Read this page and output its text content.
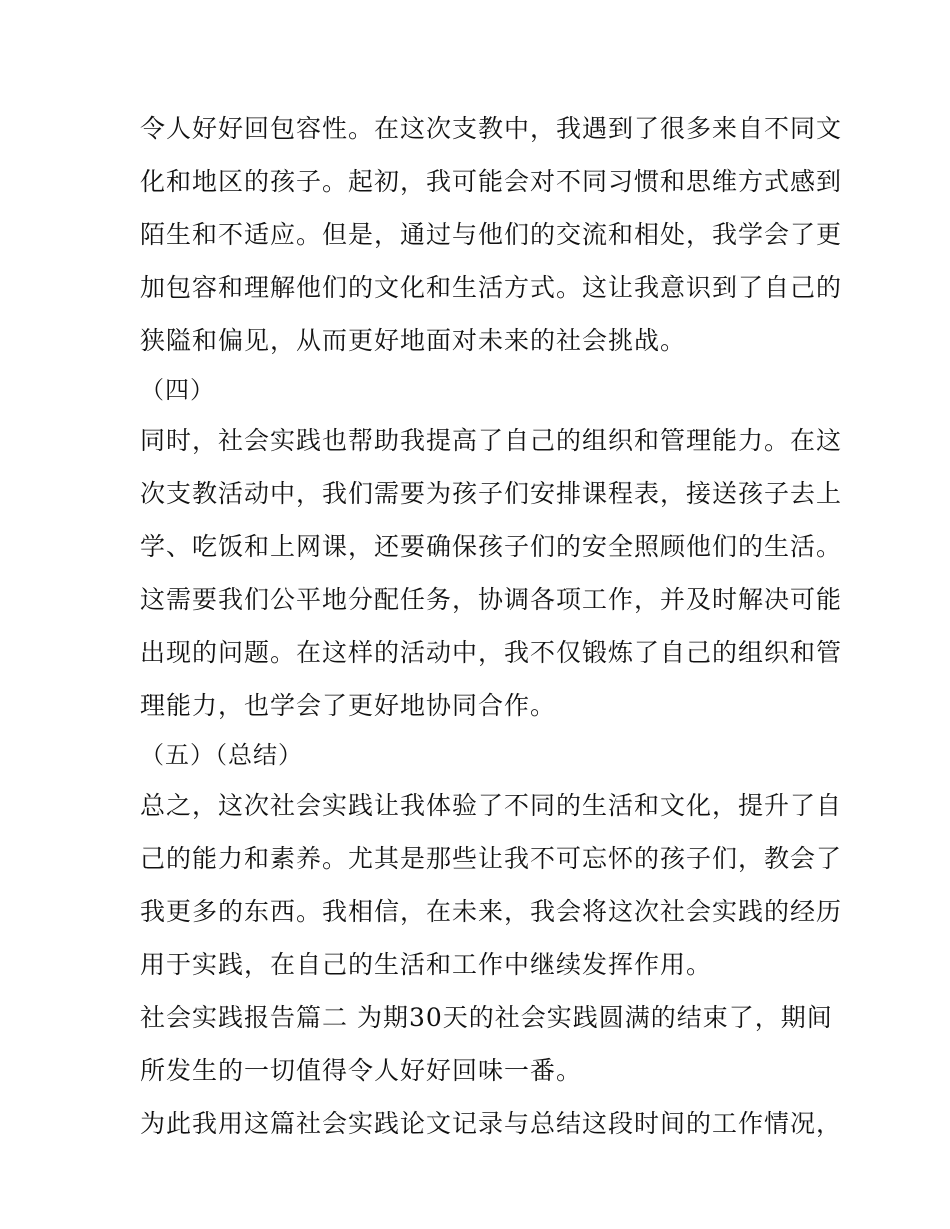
令人好好回包容性。在这次支教中，我遇到了很多来自不同文
化和地区的孩子。起初，我可能会对不同习惯和思维方式感到
陌生和不适应。但是，通过与他们的交流和相处，我学会了更
加包容和理解他们的文化和生活方式。这让我意识到了自己的
狭隘和偏见，从而更好地面对未来的社会挑战。
（四）
同时，社会实践也帮助我提高了自己的组织和管理能力。在这
次支教活动中，我们需要为孩子们安排课程表，接送孩子去上
学、吃饭和上网课，还要确保孩子们的安全照顾他们的生活。
这需要我们公平地分配任务，协调各项工作，并及时解决可能
出现的问题。在这样的活动中，我不仅锻炼了自己的组织和管
理能力，也学会了更好地协同合作。
（五）（总结）
总之，这次社会实践让我体验了不同的生活和文化，提升了自
己的能力和素养。尤其是那些让我不可忘怀的孩子们，教会了
我更多的东西。我相信，在未来，我会将这次社会实践的经历
用于实践，在自己的生活和工作中继续发挥作用。
社会实践报告篇二 为期30天的社会实践圆满的结束了，期间
所发生的一切值得令人好好回味一番。
为此我用这篇社会实践论文记录与总结这段时间的工作情况，
